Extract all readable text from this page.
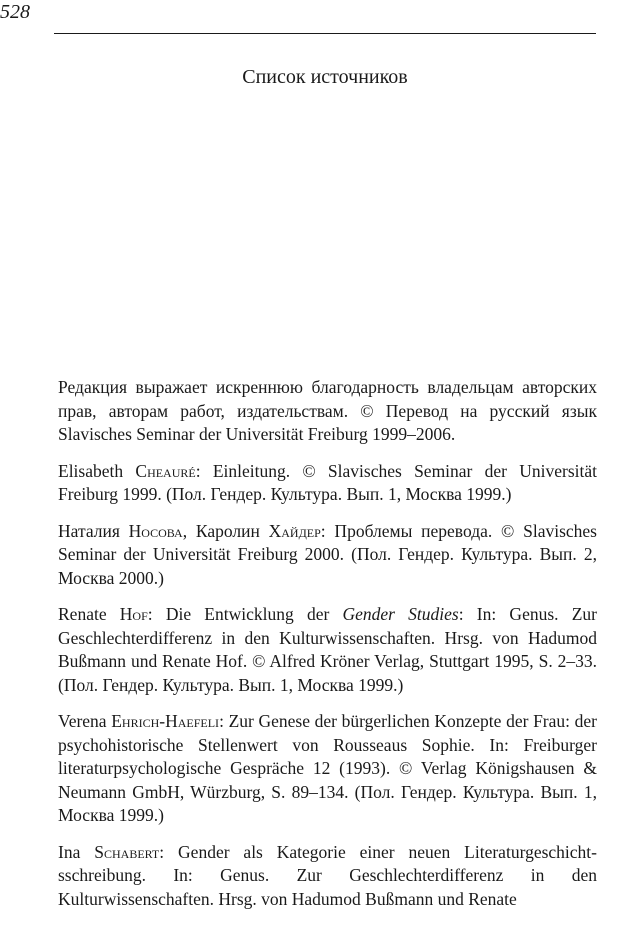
528
Список источников

Редакция выражает искреннюю благодарность владельцам авторских прав, авторам работ, издательствам. © Перевод на русский язык Slavisches Seminar der Universität Freiburg 1999–2006.

Elisabeth Cheauré: Einleitung. © Slavisches Seminar der Universität Freiburg 1999. (Пол. Гендер. Культура. Вып. 1, Москва 1999.)

Наталия Носова, Каролин Хайдер: Проблемы перевода. © Slavisches Seminar der Universität Freiburg 2000. (Пол. Гендер. Культура. Вып. 2, Москва 2000.)

Renate Hof: Die Entwicklung der Gender Studies: In: Genus. Zur Geschlechterdifferenz in den Kulturwissenschaften. Hrsg. von Hadumod Bußmann und Renate Hof. © Alfred Kröner Verlag, Stuttgart 1995, S. 2–33. (Пол. Гендер. Культура. Вып. 1, Москва 1999.)

Verena Ehrich-Haefeli: Zur Genese der bürgerlichen Konzepte der Frau: der psychohistorische Stellenwert von Rousseaus Sophie. In: Freiburger literaturpsychologische Gespräche 12 (1993). © Verlag Königshausen & Neumann GmbH, Würzburg, S. 89–134. (Пол. Гендер. Культура. Вып. 1, Москва 1999.)

Ina Schabert: Gender als Kategorie einer neuen Literaturgeschichtsschreibung. In: Genus. Zur Geschlechterdifferenz in den Kulturwissenschaften. Hrsg. von Hadumod Bußmann und Renate
